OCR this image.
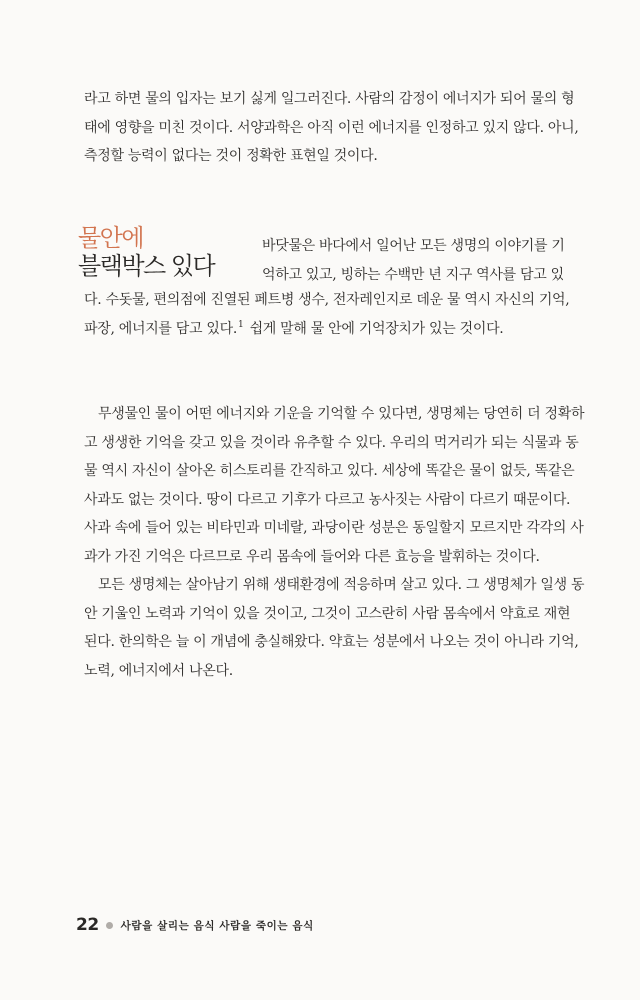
라고 하면 물의 입자는 보기 싫게 일그러진다. 사람의 감정이 에너지가 되어 물의 형
태에 영향을 미친 것이다. 서양과학은 아직 이런 에너지를 인정하고 있지 않다. 아니,
측정할 능력이 없다는 것이 정확한 표현일 것이다.
물안에
블랙박스 있다
바닷물은 바다에서 일어난 모든 생명의 이야기를 기
억하고 있고, 빙하는 수백만 년 지구 역사를 담고 있
다. 수돗물, 편의점에 진열된 페트병 생수, 전자레인지로 데운 물 역시 자신의 기억,
파장, 에너지를 담고 있다.$^1$ 쉽게 말해 물 안에 기억장치가 있는 것이다.
무생물인 물이 어떤 에너지와 기운을 기억할 수 있다면, 생명체는 당연히 더 정확하
고 생생한 기억을 갖고 있을 것이라 유추할 수 있다. 우리의 먹거리가 되는 식물과 동
물 역시 자신이 살아온 히스토리를 간직하고 있다. 세상에 똑같은 물이 없듯, 똑같은
사과도 없는 것이다. 땅이 다르고 기후가 다르고 농사짓는 사람이 다르기 때문이다.
사과 속에 들어 있는 비타민과 미네랄, 과당이란 성분은 동일할지 모르지만 각각의 사
과가 가진 기억은 다르므로 우리 몸속에 들어와 다른 효능을 발휘하는 것이다.
모든 생명체는 살아남기 위해 생태환경에 적응하며 살고 있다. 그 생명체가 일생 동
안 기울인 노력과 기억이 있을 것이고, 그것이 고스란히 사람 몸속에서 약효로 재현
된다. 한의학은 늘 이 개념에 충실해왔다. 약효는 성분에서 나오는 것이 아니라 기억,
노력, 에너지에서 나온다.
22 사람을 살리는 음식 사람을 죽이는 음식
